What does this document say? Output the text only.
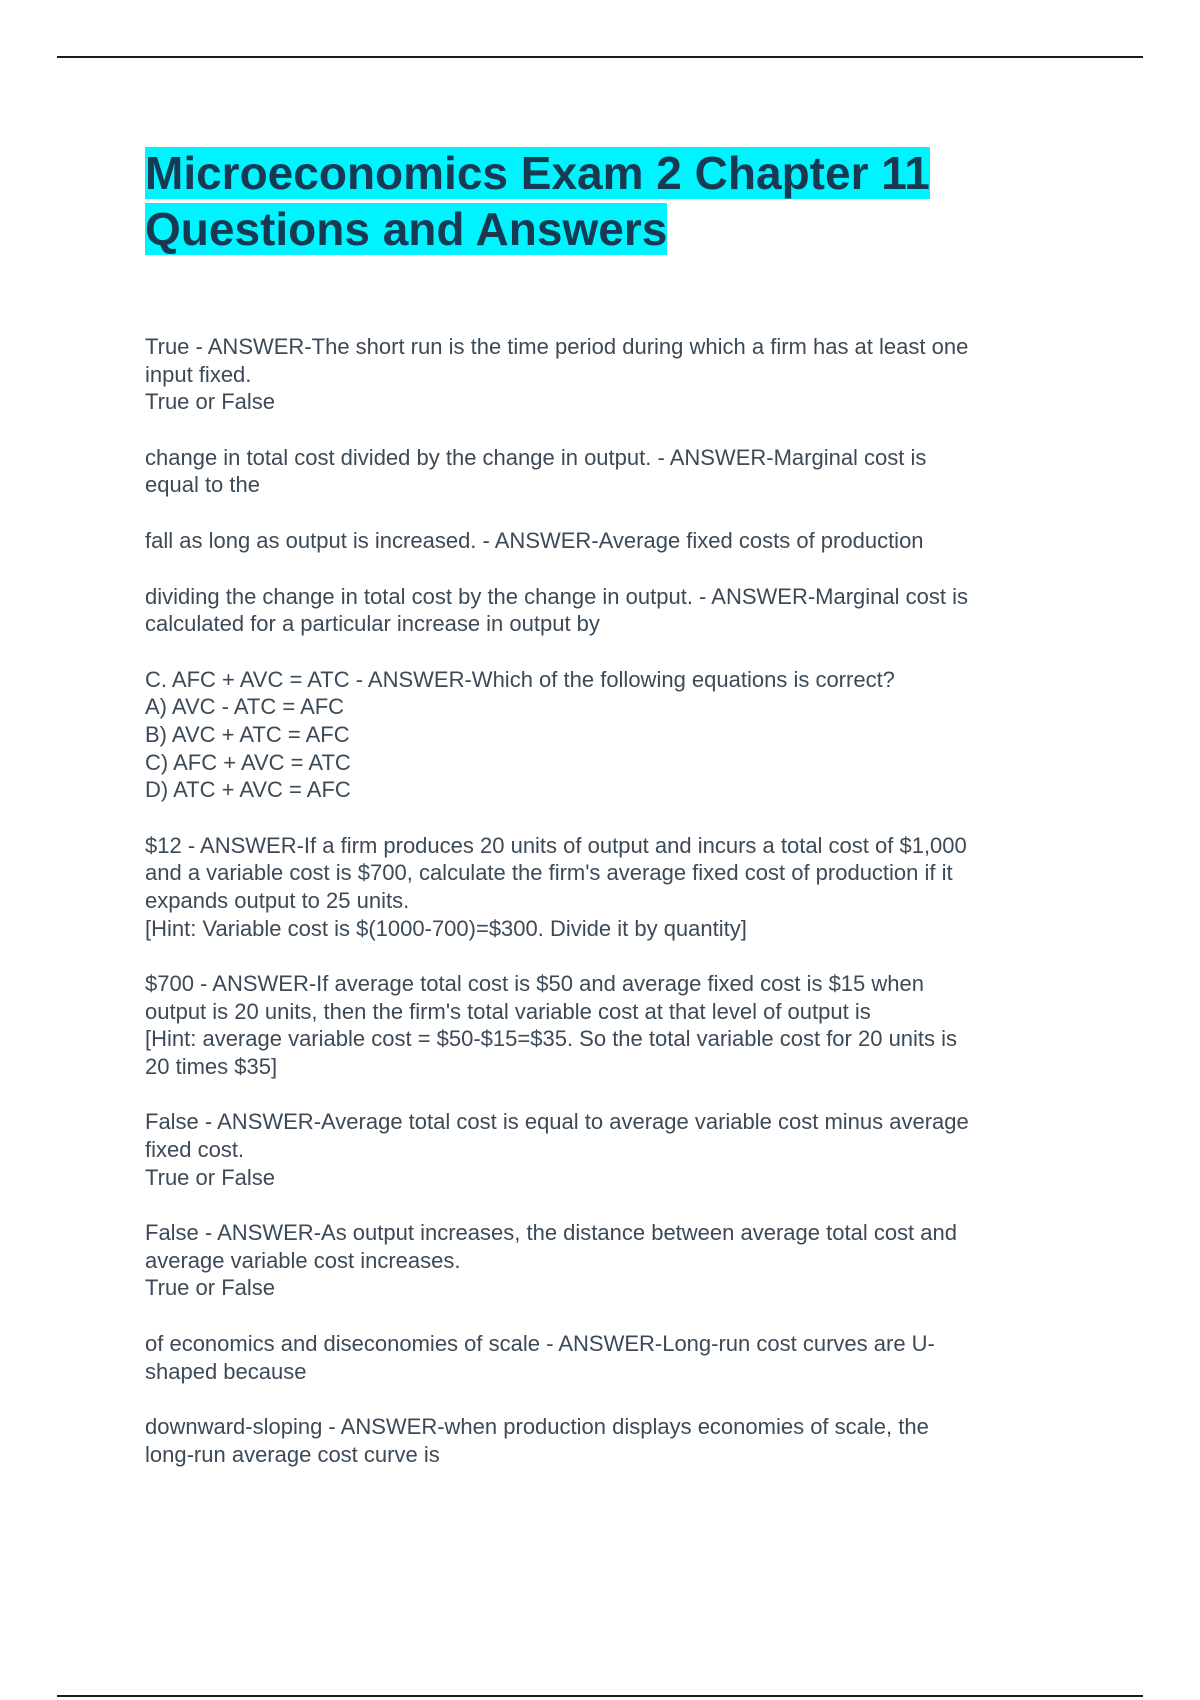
Microeconomics Exam 2 Chapter 11
Questions and Answers

True - ANSWER-The short run is the time period during which a firm has at least one
input fixed.
True or False

change in total cost divided by the change in output. - ANSWER-Marginal cost is
equal to the

fall as long as output is increased. - ANSWER-Average fixed costs of production

dividing the change in total cost by the change in output. - ANSWER-Marginal cost is
calculated for a particular increase in output by

C. AFC + AVC = ATC - ANSWER-Which of the following equations is correct?
A) AVC - ATC = AFC
B) AVC + ATC = AFC
C) AFC + AVC = ATC
D) ATC + AVC = AFC

$12 - ANSWER-If a firm produces 20 units of output and incurs a total cost of $1,000
and a variable cost is $700, calculate the firm's average fixed cost of production if it
expands output to 25 units.
[Hint: Variable cost is $(1000-700)=$300. Divide it by quantity]

$700 - ANSWER-If average total cost is $50 and average fixed cost is $15 when
output is 20 units, then the firm's total variable cost at that level of output is
[Hint: average variable cost = $50-$15=$35. So the total variable cost for 20 units is
20 times $35]

False - ANSWER-Average total cost is equal to average variable cost minus average
fixed cost.
True or False

False - ANSWER-As output increases, the distance between average total cost and
average variable cost increases.
True or False

of economics and diseconomies of scale - ANSWER-Long-run cost curves are U-
shaped because

downward-sloping - ANSWER-when production displays economies of scale, the
long-run average cost curve is
